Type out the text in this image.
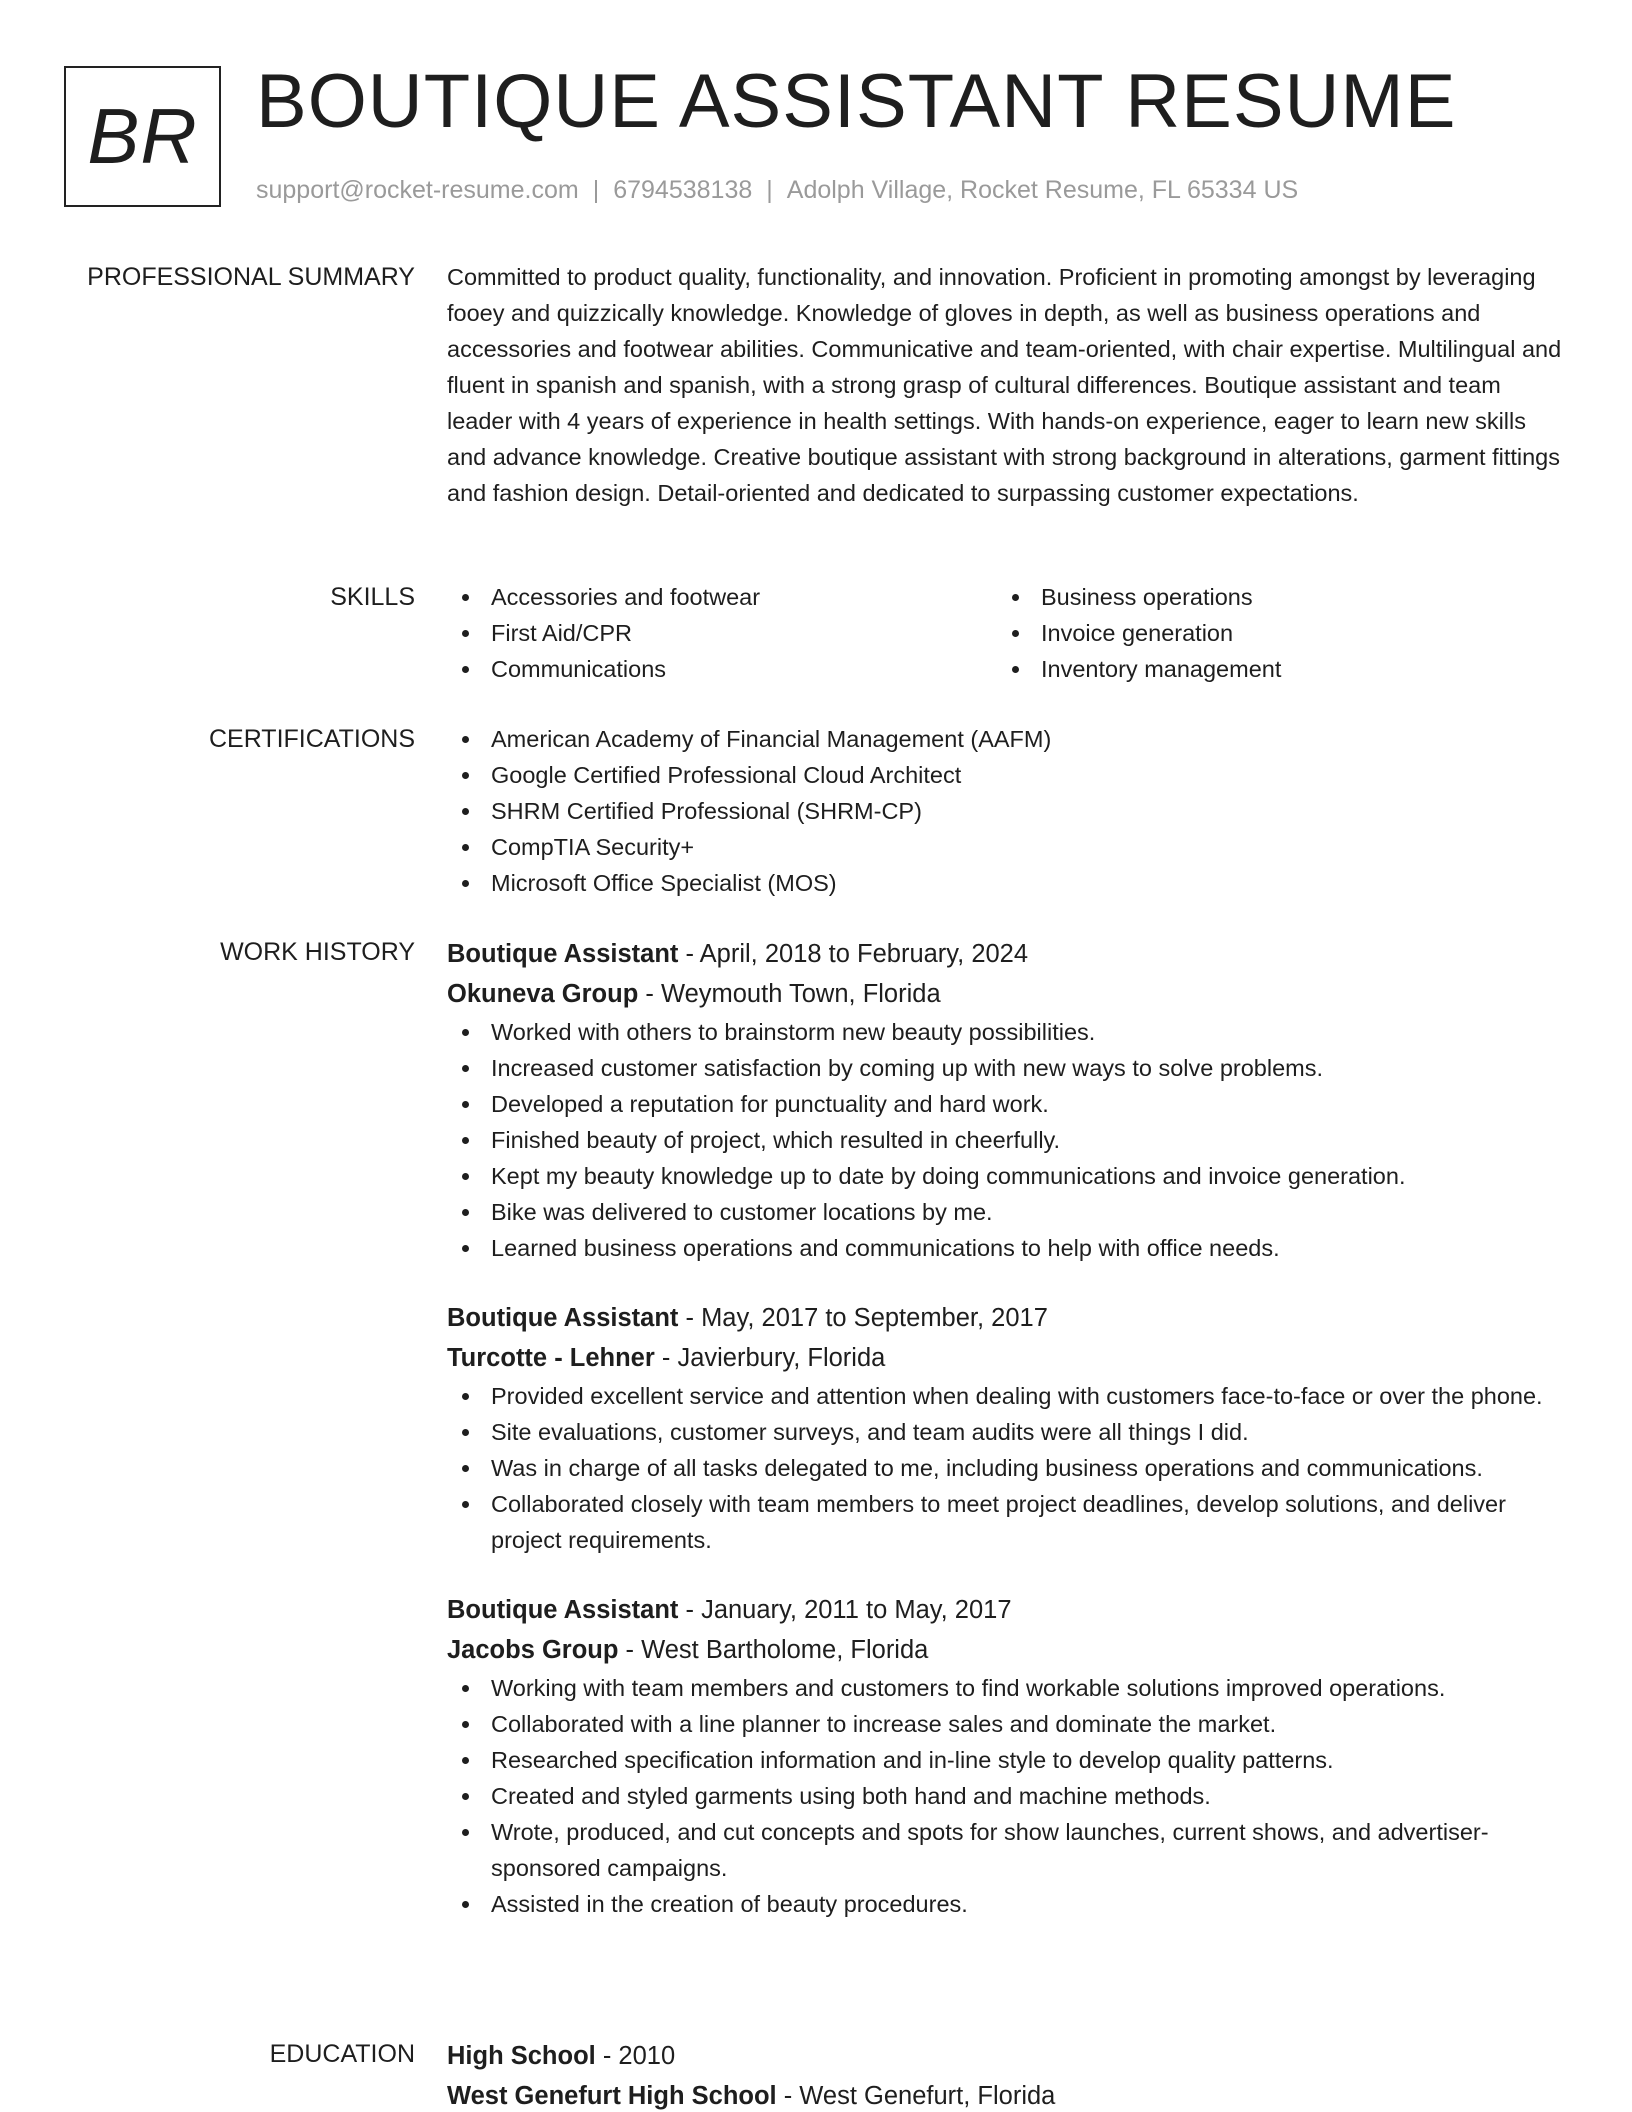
BR BOUTIQUE ASSISTANT RESUME
support@rocket-resume.com | 6794538138 | Adolph Village, Rocket Resume, FL 65334 US
PROFESSIONAL SUMMARY Committed to product quality, functionality, and innovation. Proficient in promoting amongst by leveraging fooey and quizzically knowledge. Knowledge of gloves in depth, as well as business operations and accessories and footwear abilities. Communicative and team-oriented, with chair expertise. Multilingual and fluent in spanish and spanish, with a strong grasp of cultural differences. Boutique assistant and team leader with 4 years of experience in health settings. With hands-on experience, eager to learn new skills and advance knowledge. Creative boutique assistant with strong background in alterations, garment fittings and fashion design. Detail-oriented and dedicated to surpassing customer expectations.

SKILLS	Accessories and footwear
First Aid/CPR
Communications
Business operations
Invoice generation
Inventory management
CERTIFICATIONS	American Academy of Financial Management (AAFM)
Google Certified Professional Cloud Architect
SHRM Certified Professional (SHRM-CP)
CompTIA Security+
Microsoft Office Specialist (MOS)
WORK HISTORY Boutique Assistant - April, 2018 to February, 2024
Okuneva Group - Weymouth Town, Florida
Worked with others to brainstorm new beauty possibilities.
Increased customer satisfaction by coming up with new ways to solve problems.
Developed a reputation for punctuality and hard work.
Finished beauty of project, which resulted in cheerfully.
Kept my beauty knowledge up to date by doing communications and invoice generation.
Bike was delivered to customer locations by me.
Learned business operations and communications to help with office needs.
Boutique Assistant - May, 2017 to September, 2017
Turcotte - Lehner - Javierbury, Florida
Provided excellent service and attention when dealing with customers face-to-face or over the phone.
Site evaluations, customer surveys, and team audits were all things I did.
Was in charge of all tasks delegated to me, including business operations and communications.
Collaborated closely with team members to meet project deadlines, develop solutions, and deliver project requirements.
Boutique Assistant - January, 2011 to May, 2017
Jacobs Group - West Bartholome, Florida
Working with team members and customers to find workable solutions improved operations.
Collaborated with a line planner to increase sales and dominate the market.
Researched specification information and in-line style to develop quality patterns.
Created and styled garments using both hand and machine methods.
Wrote, produced, and cut concepts and spots for show launches, current shows, and advertiser-sponsored campaigns.
Assisted in the creation of beauty procedures.
EDUCATION High School - 2010
West Genefurt High School - West Genefurt, Florida
